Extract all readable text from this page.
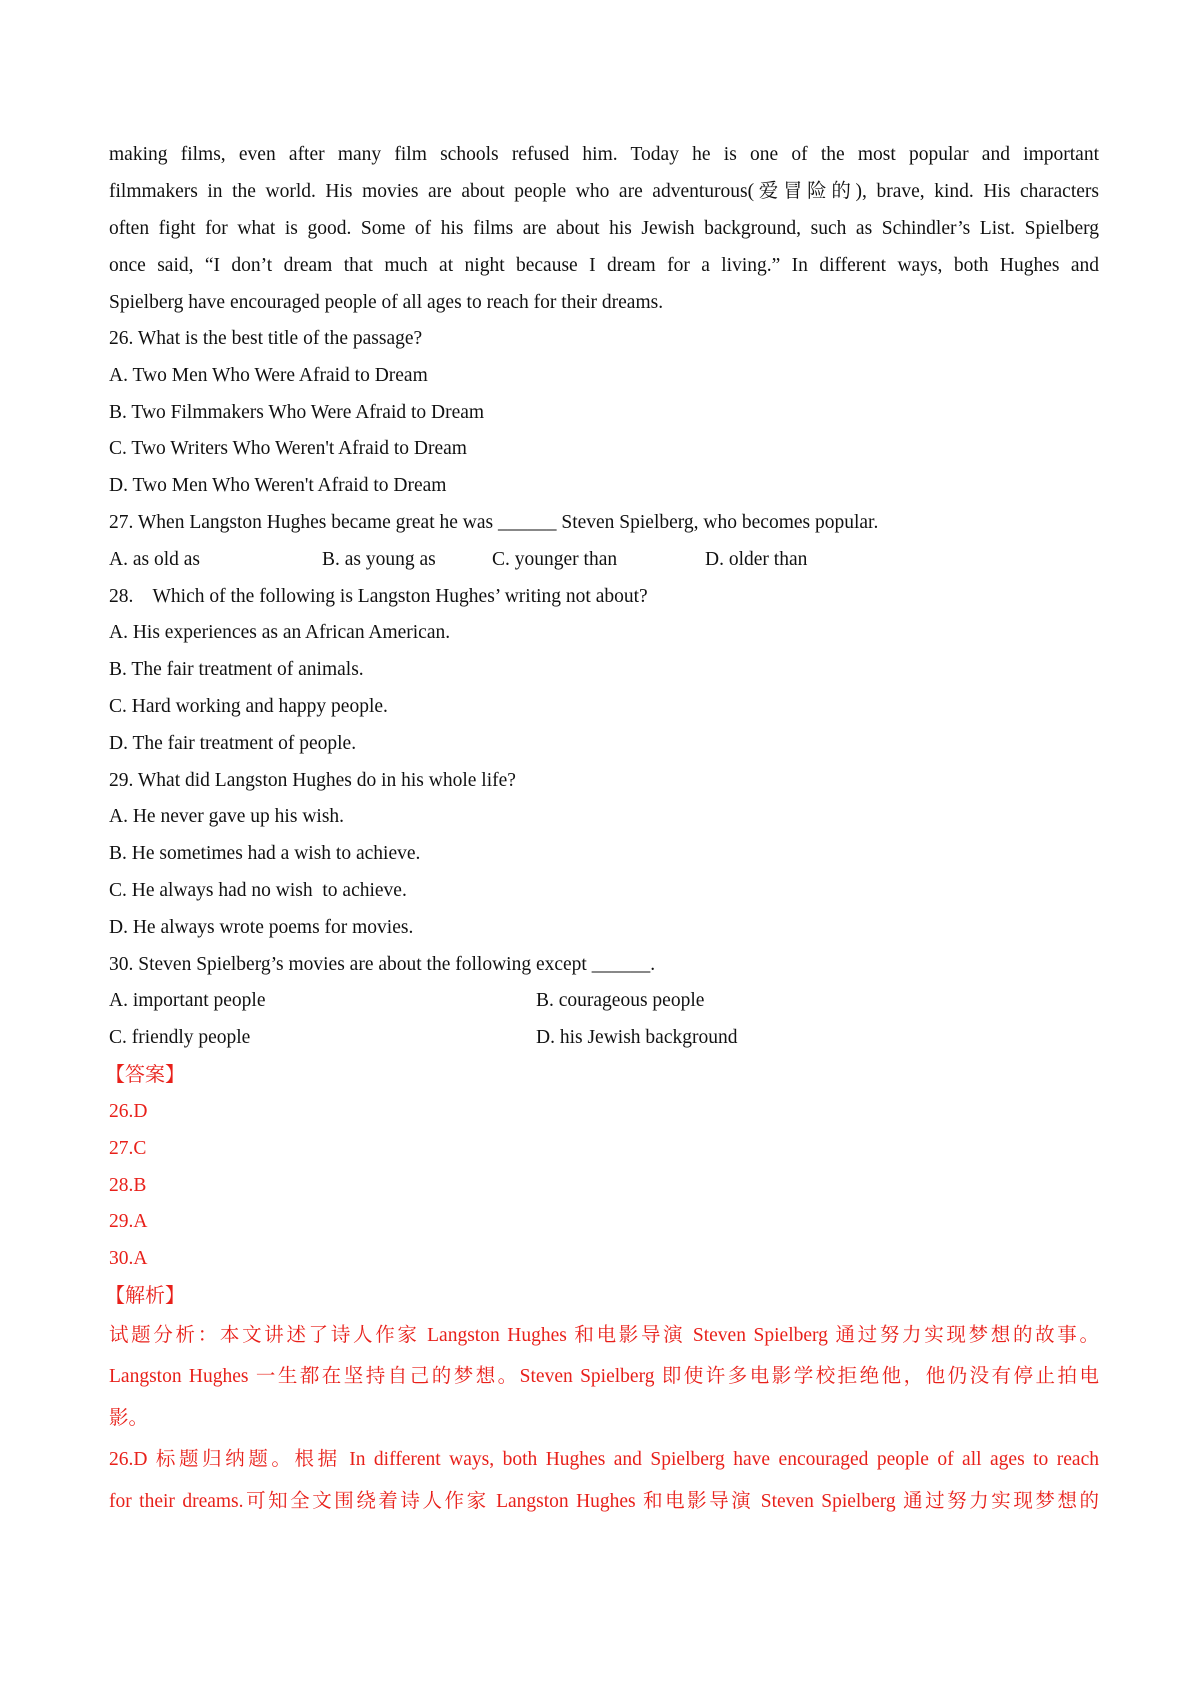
making films, even after many film schools refused him. Today he is one of the most popular and important

filmmakers in the world. His movies are about people who are adventurous(爱冒险的), brave, kind. His characters

often fight for what is good. Some of his films are about his Jewish background, such as Schindler’s List. Spielberg

once said, “I don’t dream that much at night because I dream for a living.” In different ways, both Hughes and

Spielberg have encouraged people of all ages to reach for their dreams.

26. What is the best title of the passage?

A. Two Men Who Were Afraid to Dream

B. Two Filmmakers Who Were Afraid to Dream

C. Two Writers Who Weren't Afraid to Dream

D. Two Men Who Weren't Afraid to Dream

27. When Langston Hughes became great he was ______ Steven Spielberg, who becomes popular.

A. as old as	B. as young as	C. younger than	D. older than

28.    Which of the following is Langston Hughes’ writing not about?

A. His experiences as an African American.

B. The fair treatment of animals.

C. Hard working and happy people.

D. The fair treatment of people.

29. What did Langston Hughes do in his whole life?

A. He never gave up his wish.

B. He sometimes had a wish to achieve.

C. He always had no wish  to achieve.

D. He always wrote poems for movies.

30. Steven Spielberg’s movies are about the following except ______.

A. important people	B. courageous people
C. friendly people	D. his Jewish background

【答案】

26.D

27.C

28.B

29.A

30.A

【解析】

试题分析：本文讲述了诗人作家 Langston Hughes 和电影导演 Steven Spielberg 通过努力实现梦想的故事。

Langston Hughes 一生都在坚持自己的梦想。Steven Spielberg 即使许多电影学校拒绝他，他仍没有停止拍电

影。

26.D 标题归纳题。根据 In different ways, both Hughes and Spielberg have encouraged people of all ages to reach

for their dreams.可知全文围绕着诗人作家 Langston Hughes 和电影导演 Steven Spielberg 通过努力实现梦想的
